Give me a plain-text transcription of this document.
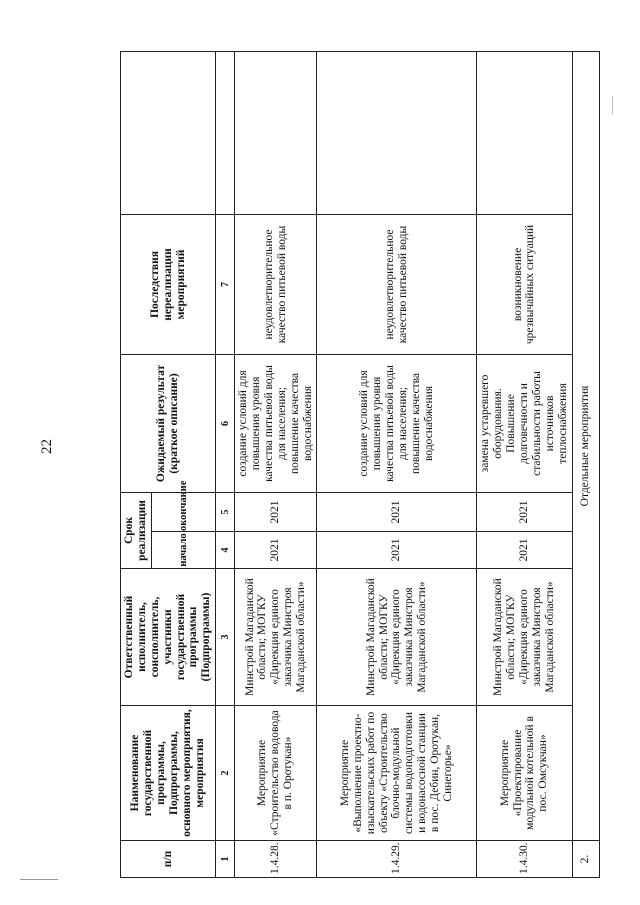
22
п/п	Наименование государственной программы, Подпрограммы, основного мероприятия, мероприятия	Ответственный исполнитель, соисполнитель, участники государственной программы (Подпрограммы)	Срок реализации		Ожидаемый результат (краткое описание)	Последствия нереализации мероприятий	
			начало	окончание			
1	2	3	4	5	6	7	
1.4.28.	Мероприятие «Строительство водовода в п. Оротукан»	Минстрой Магаданской области; МОГКУ «Дирекция единого заказчика Минстроя Магаданской области»	2021	2021	создание условий для повышения уровня качества питьевой воды для населения; повышение качества водоснабжения	неудовлетворительное качество питьевой воды	
1.4.29.	Мероприятие «Выполнение проектно-изыскательских работ по объекту «Строительство блочно-модульной системы водоподготовки и водонасосной станции в пос. Дебин, Оротукан, Синегорье»	Минстрой Магаданской области; МОГКУ «Дирекция единого заказчика Минстроя Магаданской области»	2021	2021	создание условий для повышения уровня качества питьевой воды для населения; повышение качества водоснабжения	неудовлетворительное качество питьевой воды	
1.4.30.	Мероприятие «Проектирование модульной котельной в пос. Омсукчан»	Минстрой Магаданской области; МОГКУ «Дирекция единого заказчика Минстроя Магаданской области»	2021	2021	замена устаревшего оборудования. Повышение долговечности и стабильности работы источников теплоснабжения	возникновение чрезвычайных ситуаций	
2.	Отдельные мероприятия						
